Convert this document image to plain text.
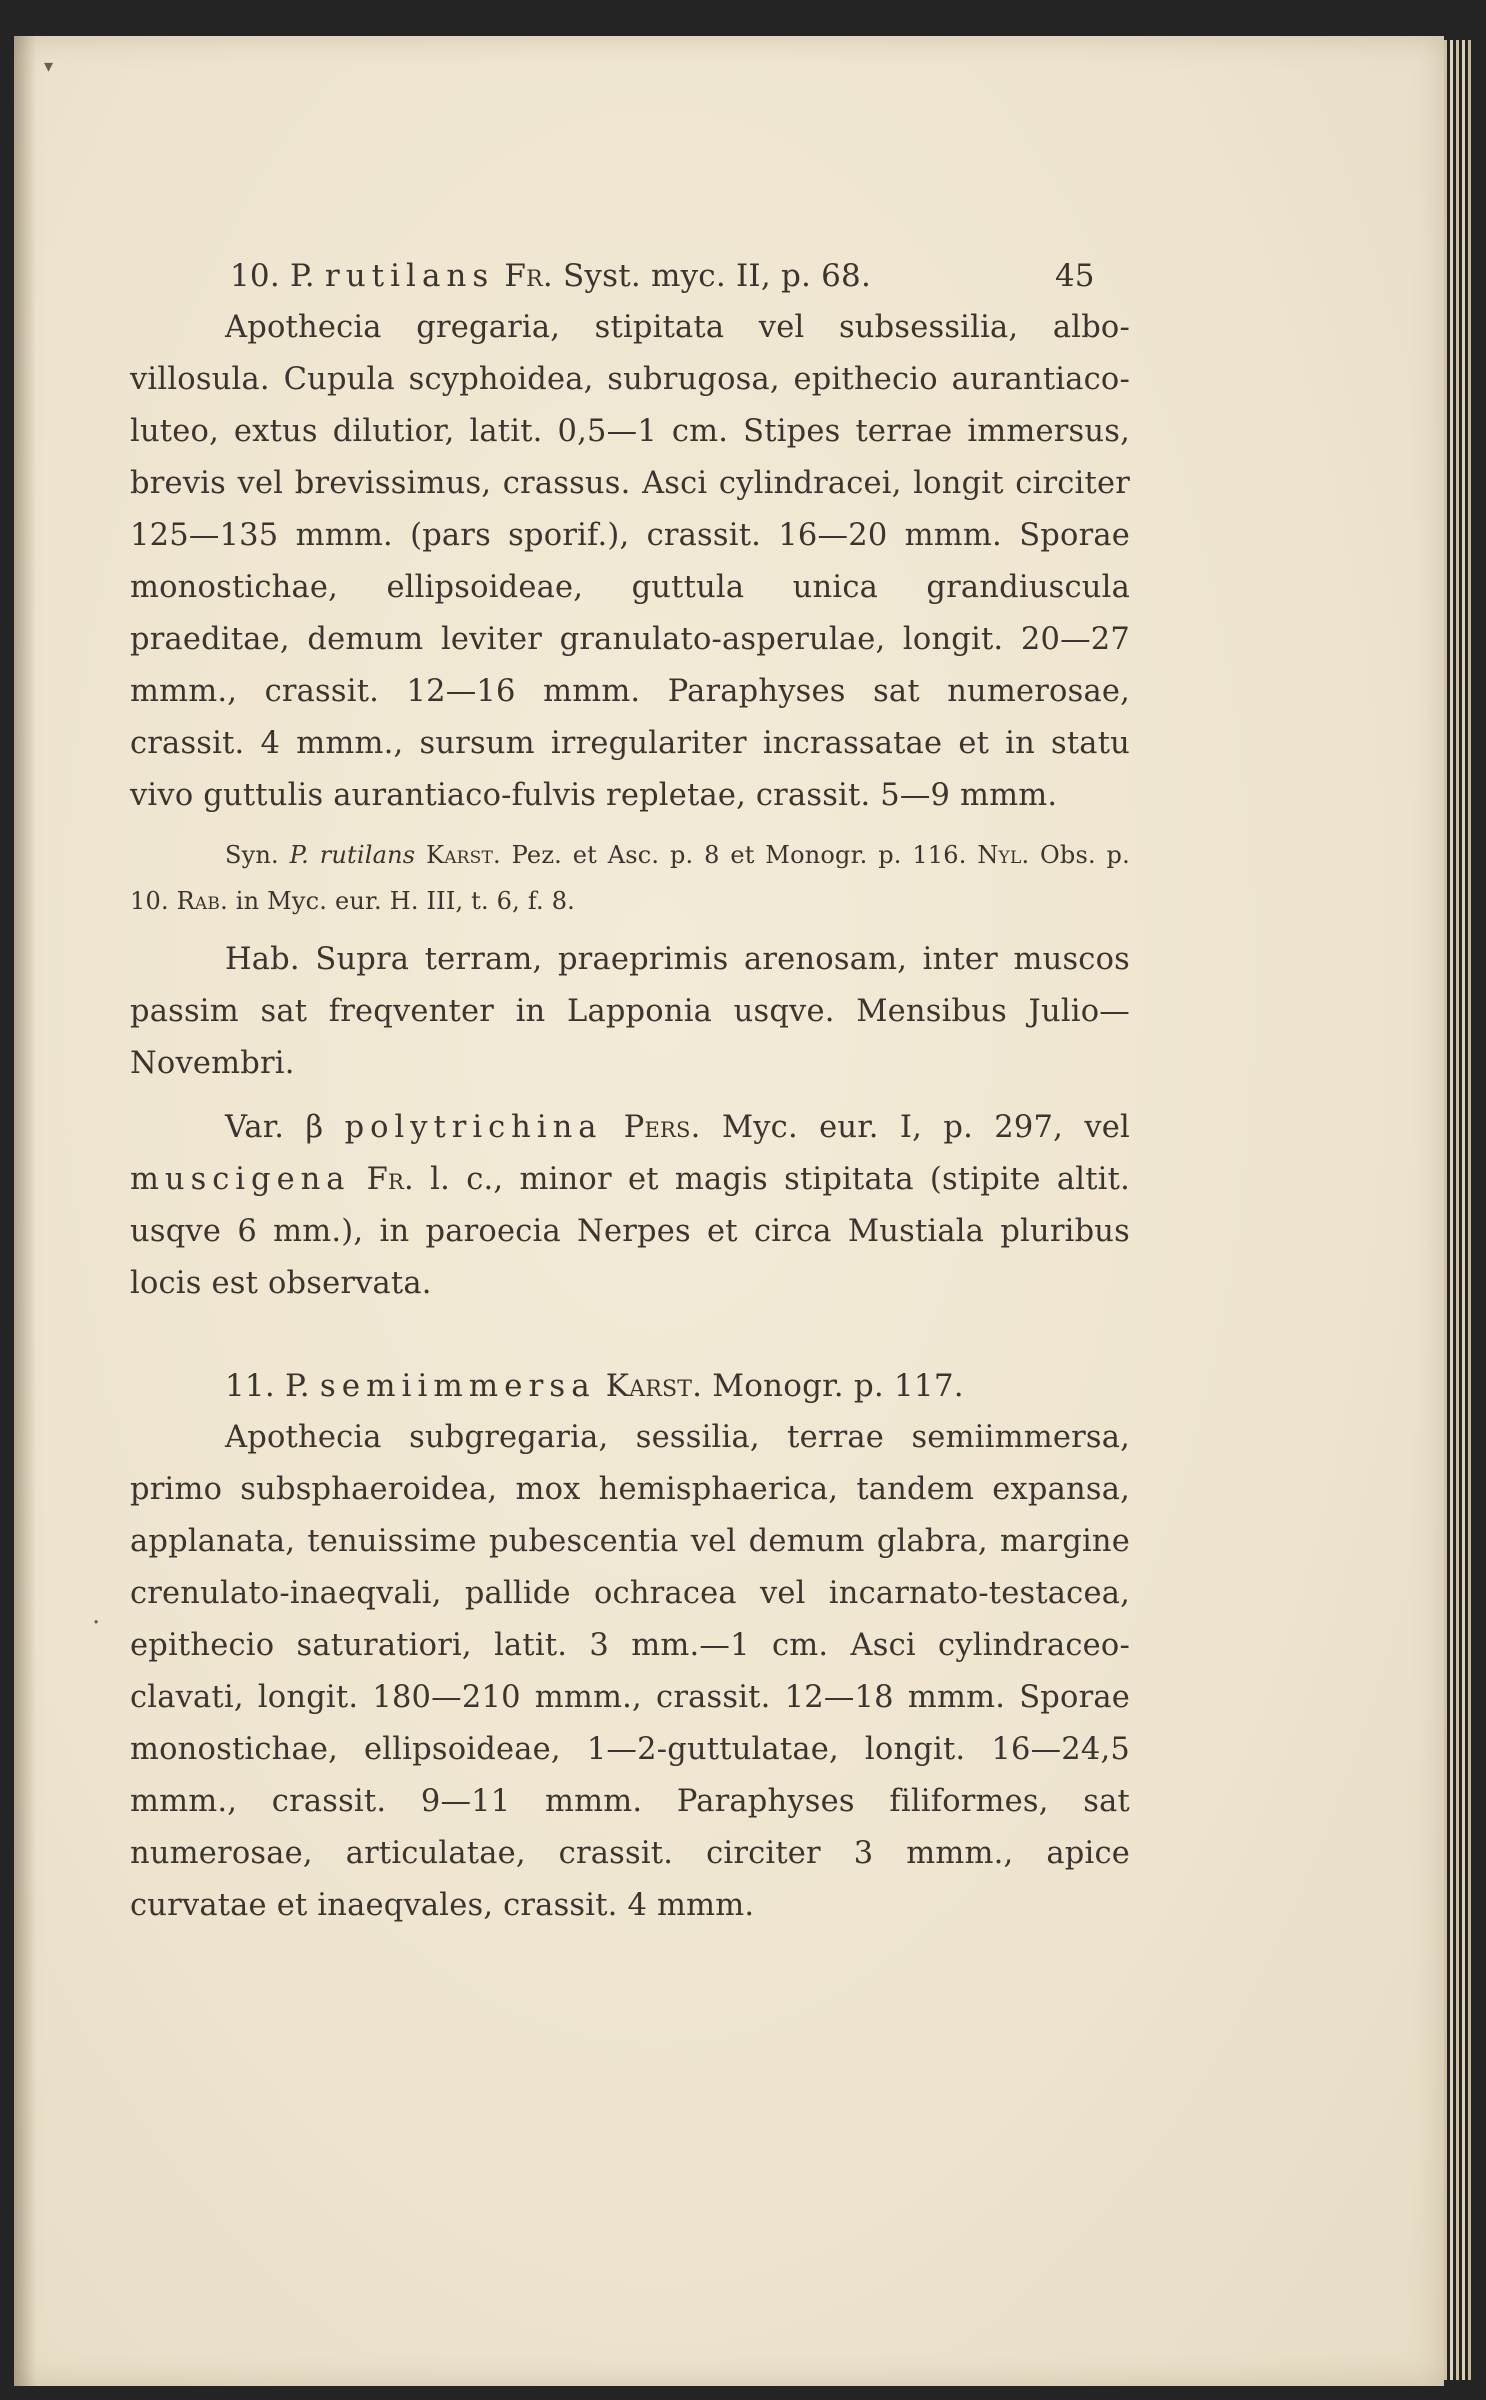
▾
.
45

10. P. rutilans Fr. Syst. myc. II, p. 68.

Apothecia gregaria, stipitata vel subsessilia, albo-villosula. Cupula scyphoidea, subrugosa, epithecio aurantiaco-luteo, extus dilutior, latit. 0,5—1 cm. Stipes terrae immersus, brevis vel brevissimus, crassus. Asci cylindracei, longit circiter 125—135 mmm. (pars sporif.), crassit. 16—20 mmm. Sporae monostichae, ellipsoideae, guttula unica grandiuscula praeditae, demum leviter granulato-asperulae, longit. 20—27 mmm., crassit. 12—16 mmm. Paraphyses sat numerosae, crassit. 4 mmm., sursum irregulariter incrassatae et in statu vivo guttulis aurantiaco-fulvis repletae, crassit. 5—9 mmm.

Syn. P. rutilans Karst. Pez. et Asc. p. 8 et Monogr. p. 116. Nyl. Obs. p. 10. Rab. in Myc. eur. H. III, t. 6, f. 8.

Hab. Supra terram, praeprimis arenosam, inter muscos passim sat freqventer in Lapponia usqve. Mensibus Julio—Novembri.

Var. β polytrichina Pers. Myc. eur. I, p. 297, vel muscigena Fr. l. c., minor et magis stipitata (stipite altit. usqve 6 mm.), in paroecia Nerpes et circa Mustiala pluribus locis est observata.

11. P. semiimmersa Karst. Monogr. p. 117.

Apothecia subgregaria, sessilia, terrae semiimmersa, primo subsphaeroidea, mox hemisphaerica, tandem expansa, applanata, tenuissime pubescentia vel demum glabra, margine crenulato-inaeqvali, pallide ochracea vel incarnato-testacea, epithecio saturatiori, latit. 3 mm.—1 cm. Asci cylindraceo-clavati, longit. 180—210 mmm., crassit. 12—18 mmm. Sporae monostichae, ellipsoideae, 1—2-guttulatae, longit. 16—24,5 mmm., crassit. 9—11 mmm. Paraphyses filiformes, sat numerosae, articulatae, crassit. circiter 3 mmm., apice curvatae et inaeqvales, crassit. 4 mmm.
